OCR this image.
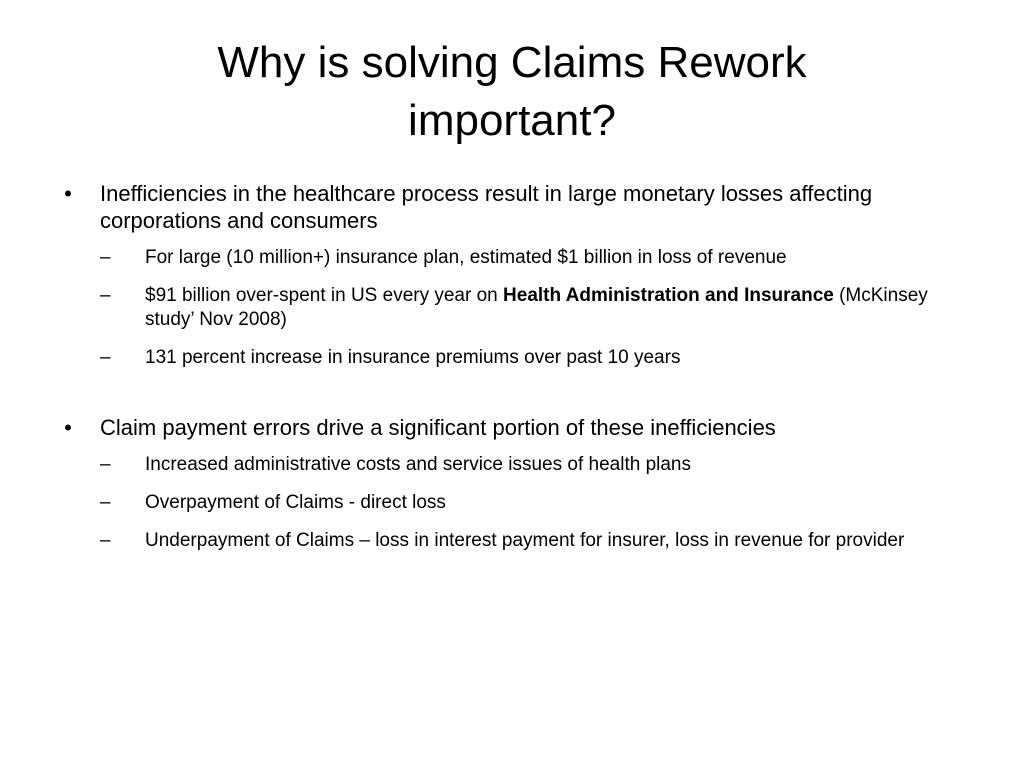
Why is solving Claims Rework
important?
• Inefficiencies in the healthcare process result in large monetary losses affecting corporations and consumers
–	For large (10 million+) insurance plan, estimated $1 billion in loss of revenue
–	$91 billion over-spent in US every year on Health Administration and Insurance (McKinsey study’ Nov 2008)
–	131 percent increase in insurance premiums over past 10 years
• Claim payment errors drive a significant portion of these inefficiencies
–	Increased administrative costs and service issues of health plans
–	Overpayment of Claims - direct loss
–	Underpayment of Claims – loss in interest payment for insurer, loss in revenue for provider
